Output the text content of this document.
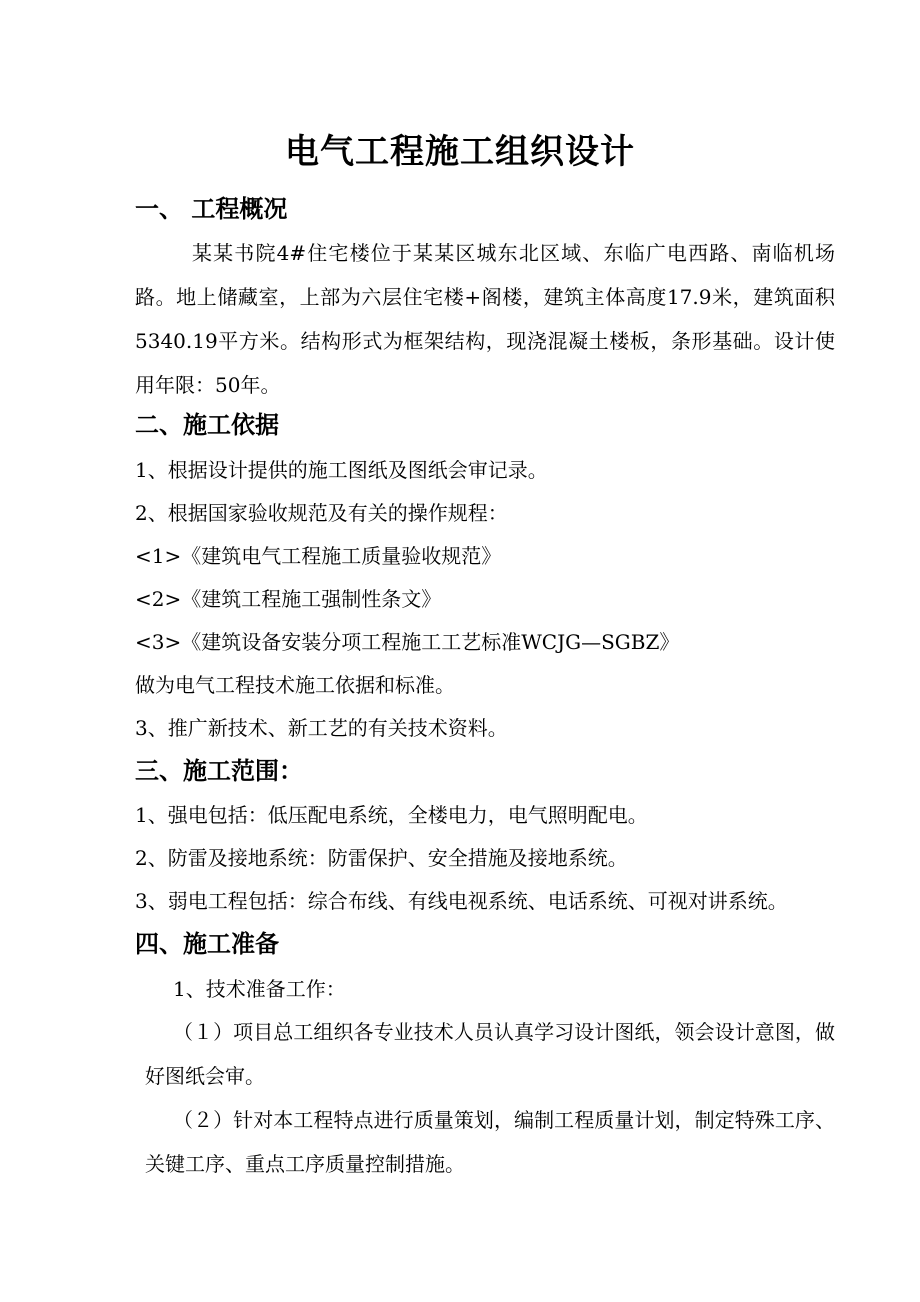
电气工程施工组织设计
一、 工程概况
某某书院4#住宅楼位于某某区城东北区域、东临广电西路、南临机场路。地上储藏室，上部为六层住宅楼+阁楼，建筑主体高度17.9米，建筑面积5340.19平方米。结构形式为框架结构，现浇混凝土楼板，条形基础。设计使用年限：50年。
二、施工依据
1、根据设计提供的施工图纸及图纸会审记录。
2、根据国家验收规范及有关的操作规程：
<1>《建筑电气工程施工质量验收规范》
<2>《建筑工程施工强制性条文》
<3>《建筑设备安装分项工程施工工艺标准WCJG—SGBZ》
做为电气工程技术施工依据和标准。
3、推广新技术、新工艺的有关技术资料。
三、施工范围：
1、强电包括：低压配电系统，全楼电力，电气照明配电。
2、防雷及接地系统：防雷保护、安全措施及接地系统。
3、弱电工程包括：综合布线、有线电视系统、电话系统、可视对讲系统。
四、施工准备
1、技术准备工作：
（１）项目总工组织各专业技术人员认真学习设计图纸，领会设计意图，做好图纸会审。
（２）针对本工程特点进行质量策划，编制工程质量计划，制定特殊工序、关键工序、重点工序质量控制措施。
